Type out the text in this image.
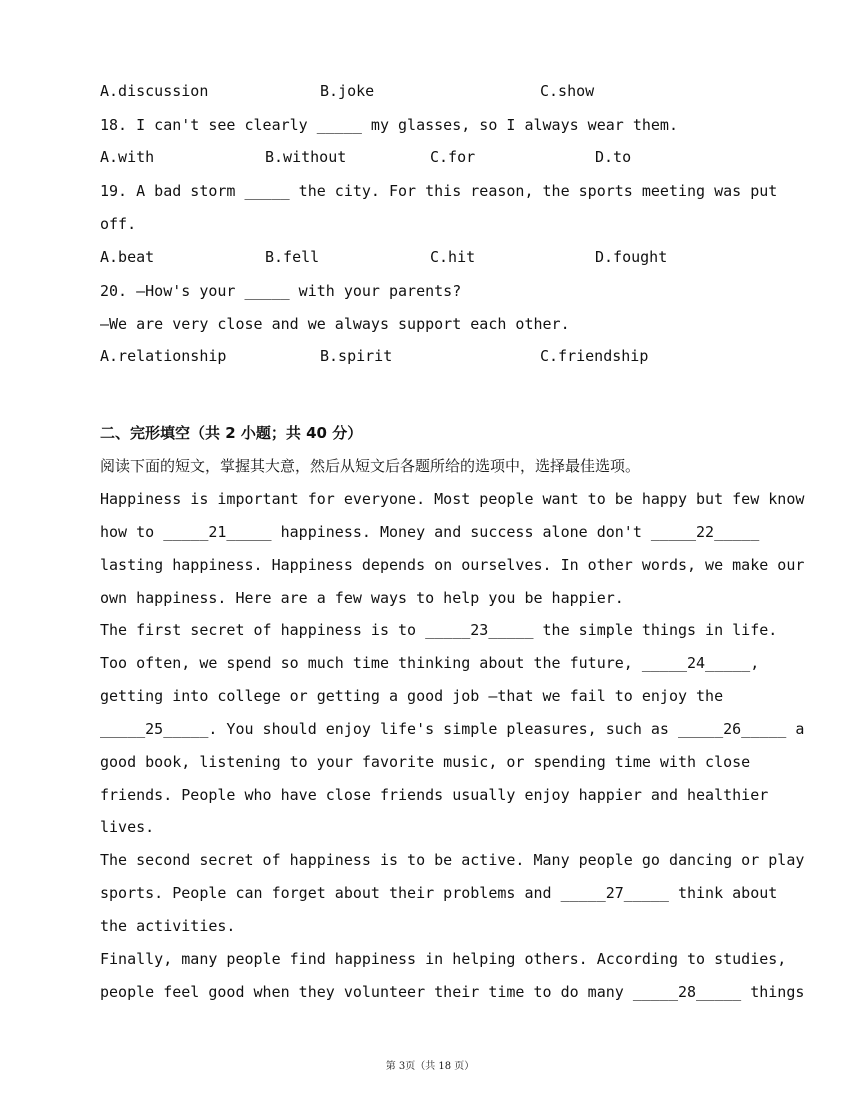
A.discussion	B.joke	C.show
18. I can't see clearly _____ my glasses, so I always wear them.
A.with	B.without	C.for	D.to
19. A bad storm _____ the city. For this reason, the sports meeting was put
off.
A.beat	B.fell	C.hit	D.fought
20. —How's your _____ with your parents?
—We are very close and we always support each other.
A.relationship	B.spirit	C.friendship
二、完形填空（共 2 小题；共 40 分）
阅读下面的短文，掌握其大意，然后从短文后各题所给的选项中，选择最佳选项。
Happiness is important for everyone. Most people want to be happy but few know
how to _____21_____ happiness. Money and success alone don't _____22_____
lasting happiness. Happiness depends on ourselves. In other words, we make our
own happiness. Here are a few ways to help you be happier.
The first secret of happiness is to _____23_____ the simple things in life.
Too often, we spend so much time thinking about the future, _____24_____,
getting into college or getting a good job —that we fail to enjoy the
_____25_____. You should enjoy life's simple pleasures, such as _____26_____ a
good book, listening to your favorite music, or spending time with close
friends. People who have close friends usually enjoy happier and healthier
lives.
The second secret of happiness is to be active. Many people go dancing or play
sports. People can forget about their problems and _____27_____ think about
the activities.
Finally, many people find happiness in helping others. According to studies,
people feel good when they volunteer their time to do many _____28_____ things
第 3页（共 18 页）
